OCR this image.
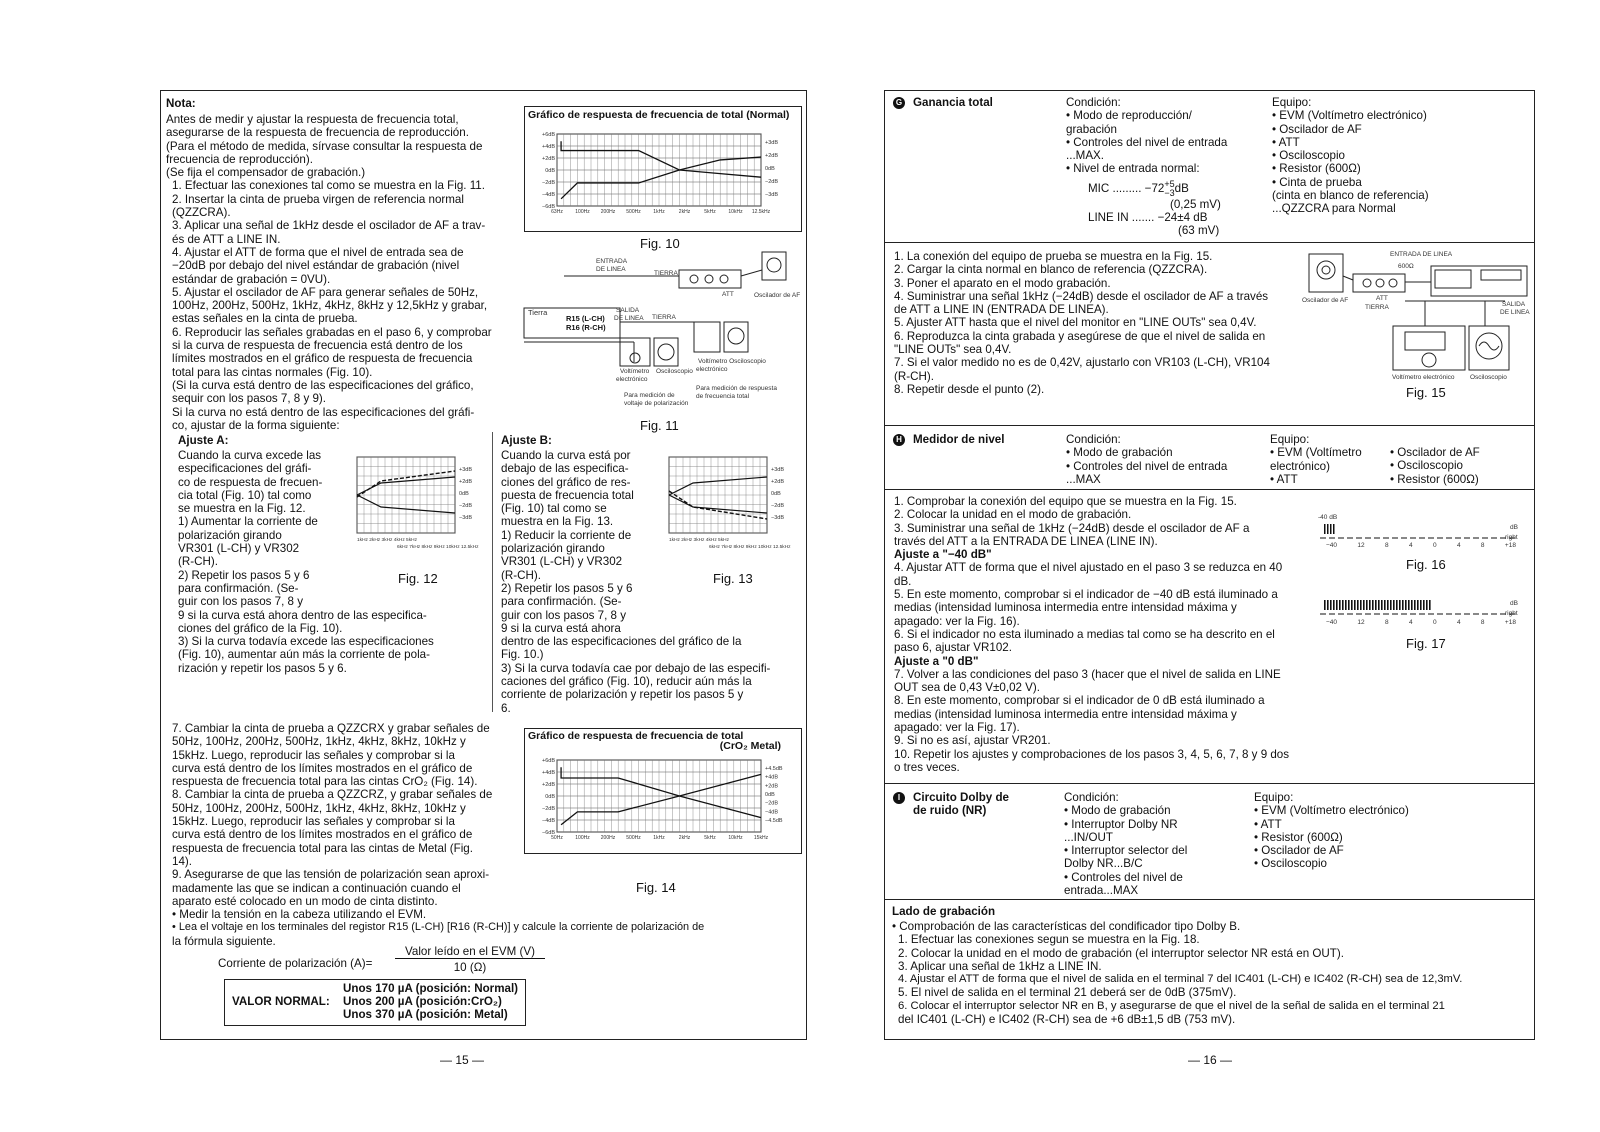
Nota:
Antes de medir y ajustar la respuesta de frecuencia total,
asegurarse de la respuesta de frecuencia de reproducción.
(Para el método de medida, sírvase consultar la respuesta de
frecuencia de reproducción).
(Se fija el compensador de grabación.)
1. Efectuar las conexiones tal como se muestra en la Fig. 11.
2. Insertar la cinta de prueba virgen de referencia normal
(QZZCRA).
3. Aplicar una señal de 1kHz desde el oscilador de AF a trav-
és de ATT a LINE IN.
4. Ajustar el ATT de forma que el nivel de entrada sea de
−20dB por debajo del nivel estándar de grabación (nivel
estándar de grabación = 0VU).
5. Ajustar el oscilador de AF para generar señales de 50Hz,
100Hz, 200Hz, 500Hz, 1kHz, 4kHz, 8kHz y 12,5kHz y grabar,
estas señales en la cinta de prueba.
6. Reproducir las señales grabadas en el paso 6, y comprobar
si la curva de respuesta de frecuencia está dentro de los
límites mostrados en el gráfico de respuesta de frecuencia
total para las cintas normales (Fig. 10).
(Si la curva está dentro de las especificaciones del gráfico,
sequir con los pasos 7, 8 y 9).
Si la curva no está dentro de las especificaciones del gráfi-
co, ajustar de la forma siguiente:
Gráfico de respuesta de frecuencia de total (Normal)
+6dB
+4dB
+2dB
0dB
−2dB
−4dB
−6dB
63Hz 100Hz 200Hz 500Hz	1kHz	2kHz	5kHz	10kHz 12.5kHz
+3dB
+2dB
0dB
−2dB
−3dB
Fig. 10
ENTRADA
DE LINEA
TIERRA
ATT	Oscilador de AF
Tierra
R15 (L-CH)
R16 (R-CH)
SALIDA
DE LINEA TIERRA
Voltímetro Osciloscopio
electrónico
Voltímetro Osciloscopio
electrónico
Para medición de
voltaje de polarización
Para medición de respuesta
de frecuencia total
Fig. 11
Ajuste A:
Cuando la curva excede las
especificaciones del gráfi-
co de respuesta de frecuen-
cia total (Fig. 10) tal como
se muestra en la Fig. 12.
1) Aumentar la corriente de
polarización girando
VR301 (L-CH) y VR302
(R-CH).
2) Repetir los pasos 5 y 6
para confirmación. (Se-
guir con los pasos 7, 8 y
9 si la curva está ahora dentro de las especifica-
ciones del gráfico de la Fig. 10).
3) Si la curva todavía excede las especificaciones
(Fig. 10), aumentar aún más la corriente de pola-
rización y repetir los pasos 5 y 6.
+3dB
+2dB
0dB
−2dB
−3dB
1kHz 2kHz 3kHz 4kHz 5kHz
6kHz 7kHz 8kHz 9kHz 10kHz 12.5kHz
Fig. 12
Ajuste B:
Cuando la curva está por
debajo de las especifica-
ciones del gráfico de res-
puesta de frecuencia total
(Fig. 10) tal como se
muestra en la Fig. 13.
1) Reducir la corriente de
polarización girando
VR301 (L-CH) y VR302
(R-CH).
2) Repetir los pasos 5 y 6
para confirmación. (Se-
guir con los pasos 7, 8 y
9 si la curva está ahora
dentro de las especificaciones del gráfico de la
Fig. 10.)
3) Si la curva todavía cae por debajo de las especifi-
caciones del gráfico (Fig. 10), reducir aún más la
corriente de polarización y repetir los pasos 5 y
6.
+3dB
+2dB
0dB
−2dB
−3dB
1kHz 2kHz 3kHz 4kHz 5kHz
6kHz 7kHz 8kHz 9kHz 10kHz 12.5kHz
Fig. 13
7. Cambiar la cinta de prueba a QZZCRX y grabar señales de
50Hz, 100Hz, 200Hz, 500Hz, 1kHz, 4kHz, 8kHz, 10kHz y
15kHz. Luego, reproducir las señales y comprobar si la
curva está dentro de los límites mostrados en el gráfico de
respuesta de frecuencia total para las cintas CrO₂ (Fig. 14).
8. Cambiar la cinta de prueba a QZZCRZ, y grabar señales de
50Hz, 100Hz, 200Hz, 500Hz, 1kHz, 4kHz, 8kHz, 10kHz y
15kHz. Luego, reproducir las señales y comprobar si la
curva está dentro de los límites mostrados en el gráfico de
respuesta de frecuencia total para las cintas de Metal (Fig.
14).
9. Asegurarse de que las tensión de polarización sean aproxi-
madamente las que se indican a continuación cuando el
aparato esté colocado en un modo de cinta distinto.
• Medir la tensión en la cabeza utilizando el EVM.
• Lea el voltaje en los terminales del registor R15 (L-CH) [R16 (R-CH)] y calcule la corriente de polarización de
la fórmula siguiente.
Gráfico de respuesta de frecuencia de total
(CrO₂ Metal)
+6dB
+4dB
+2dB
0dB
−2dB
−4dB
−6dB
50Hz 100Hz 200Hz 500Hz	1kHz	2kHz	5kHz	10kHz 15kHz
+4.5dB
+4dB
+2dB
0dB
−2dB
−4dB
−4.5dB
Fig. 14
Corriente de polarización (A)=
Valor leído en el EVM (V)
10 (Ω)
VALOR NORMAL:
Unos 170 µA (posición: Normal)
Unos 200 µA (posición:CrO₂)
Unos 370 µA (posición: Metal)
— 15 —
G Ganancia total	Condición:
• Modo de reproducción/
grabación
• Controles del nivel de entrada
...MAX.
• Nivel de entrada normal:
MIC ......... −72 +5
−3 dB
(0,25 mV)
LINE IN ....... −24±4 dB
(63 mV)
Equipo:
• EVM (Voltímetro electrónico)
• Oscilador de AF
• ATT
• Osciloscopio
• Resistor (600Ω)
• Cinta de prueba
(cinta en blanco de referencia)
...QZZCRA para Normal
1. La conexión del equipo de prueba se muestra en la Fig. 15.
2. Cargar la cinta normal en blanco de referencia (QZZCRA).
3. Poner el aparato en el modo grabación.
4. Suministrar una señal 1kHz (−24dB) desde el oscilador de AF a través
de ATT a LINE IN (ENTRADA DE LINEA).
5. Ajuster ATT hasta que el nivel del monitor en "LINE OUTs" sea 0,4V.
6. Reproduzca la cinta grabada y asegúrese de que el nivel de salida en
"LINE OUTs" sea 0,4V.
7. Si el valor medido no es de 0,42V, ajustarlo con VR103 (L-CH), VR104
(R-CH).
8. Repetir desde el punto (2).
ENTRADA DE LINEA
600Ω
Oscilador de AF	ATT
TIERRA	SALIDA
DE LINEA
Voltímetro electrónico Osciloscopio
Fig. 15
H Medidor de nivel	Condición:
• Modo de grabación
• Controles del nivel de entrada
...MAX
Equipo:
• EVM (Voltímetro
electrónico)
• ATT
• Oscilador de AF
• Osciloscopio
• Resistor (600Ω)
1. Comprobar la conexión del equipo que se muestra en la Fig. 15.
2. Colocar la unidad en el modo de grabación.
3. Suministrar una señal de 1kHz (−24dB) desde el oscilador de AF a
través del ATT a la ENTRADA DE LINEA (LINE IN).
Ajuste a "−40 dB"
4. Ajustar ATT de forma que el nivel ajustado en el paso 3 se reduzca en 40
dB.
5. En este momento, comprobar si el indicador de −40 dB está iluminado a
medias (intensidad luminosa intermedia entre intensidad máxima y
apagado: ver la Fig. 16).
6. Si el indicador no esta iluminado a medias tal como se ha descrito en el
paso 6, ajustar VR102.
Ajuste a "0 dB"
7. Volver a las condiciones del paso 3 (hacer que el nivel de salida en LINE
OUT sea de 0,43 V±0,02 V).
8. En este momento, comprobar si el indicador de 0 dB está iluminado a
medias (intensidad luminosa intermedia entre intensidad máxima y
apagado: ver la Fig. 17).
9. Si no es así, ajustar VR201.
10. Repetir los ajustes y comprobaciones de los pasos 3, 4, 5, 6, 7, 8 y 9 dos
o tres veces.
-40 dB
dB
right
−40	12	8	4	0	4	8	+18
Fig. 16
dB
right
−40	12	8	4	0	4	8	+18
Fig. 17
I Circuito Dolby de
de ruido (NR)
Condición:
• Modo de grabación
• Interruptor Dolby NR
...IN/OUT
• Interruptor selector del
Dolby NR...B/C
• Controles del nivel de
entrada...MAX
Equipo:
• EVM (Voltímetro electrónico)
• ATT
• Resistor (600Ω)
• Oscilador de AF
• Osciloscopio
Lado de grabación
• Comprobación de las características del condificador tipo Dolby B.
1. Efectuar las conexiones segun se muestra en la Fig. 18.
2. Colocar la unidad en el modo de grabación (el interruptor selector NR está en OUT).
3. Aplicar una señal de 1kHz a LINE IN.
4. Ajustar el ATT de forma que el nivel de salida en el terminal 7 del IC401 (L-CH) e IC402 (R-CH) sea de 12,3mV.
5. El nivel de salida en el terminal 21 deberá ser de 0dB (375mV).
6. Colocar el interruptor selector NR en B, y asegurarse de que el nivel de la señal de salida en el terminal 21
del IC401 (L-CH) e IC402 (R-CH) sea de +6 dB±1,5 dB (753 mV).
— 16 —
